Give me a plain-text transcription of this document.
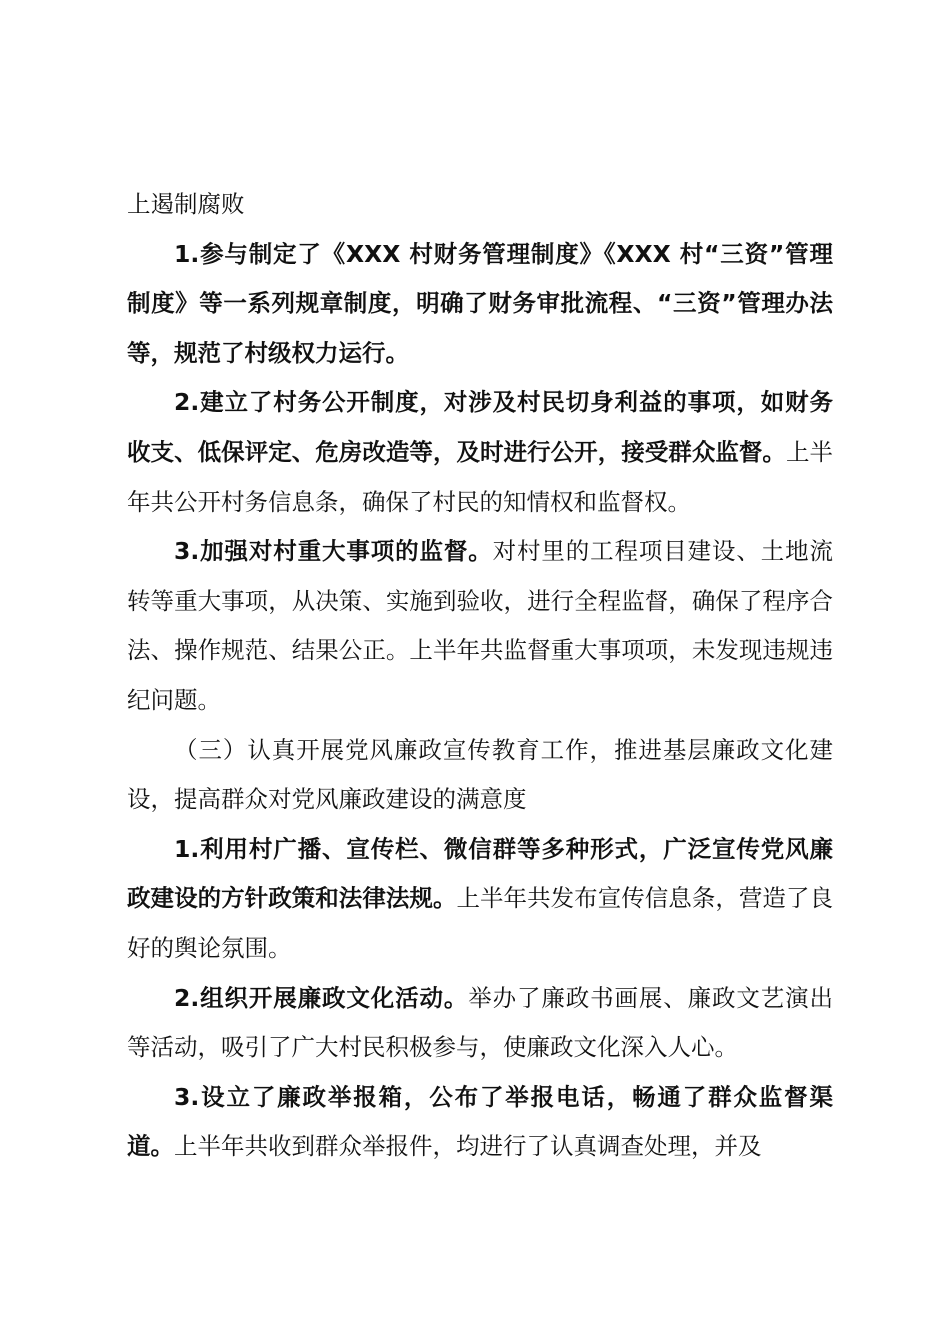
上遏制腐败

1.参与制定了《XXX 村财务管理制度》《XXX 村“三资”管理制度》等一系列规章制度，明确了财务审批流程、“三资”管理办法等，规范了村级权力运行。

2.建立了村务公开制度，对涉及村民切身利益的事项，如财务收支、低保评定、危房改造等，及时进行公开，接受群众监督。上半年共公开村务信息条，确保了村民的知情权和监督权。

3.加强对村重大事项的监督。对村里的工程项目建设、土地流转等重大事项，从决策、实施到验收，进行全程监督，确保了程序合法、操作规范、结果公正。上半年共监督重大事项项，未发现违规违纪问题。

（三）认真开展党风廉政宣传教育工作，推进基层廉政文化建设，提高群众对党风廉政建设的满意度

1.利用村广播、宣传栏、微信群等多种形式，广泛宣传党风廉政建设的方针政策和法律法规。上半年共发布宣传信息条，营造了良好的舆论氛围。

2.组织开展廉政文化活动。举办了廉政书画展、廉政文艺演出等活动，吸引了广大村民积极参与，使廉政文化深入人心。

3.设立了廉政举报箱，公布了举报电话，畅通了群众监督渠道。上半年共收到群众举报件，均进行了认真调查处理，并及
